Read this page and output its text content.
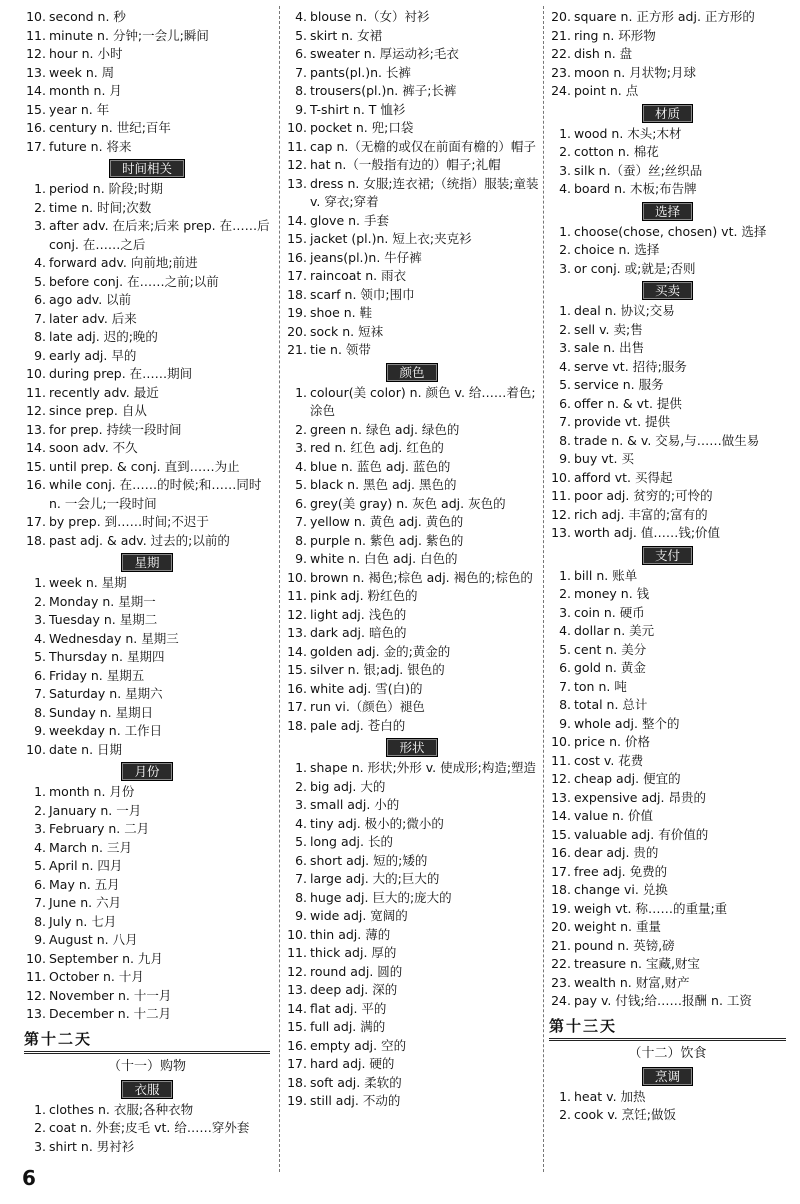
10. second n. 秒
11. minute n. 分钟;一会儿;瞬间
12. hour n. 小时
13. week n. 周
14. month n. 月
15. year n. 年
16. century n. 世纪;百年
17. future n. 将来
时间相关
1. period n. 阶段;时期
2. time n. 时间;次数
3. after adv. 在后来;后来 prep. 在……后 conj. 在……之后
4. forward adv. 向前地;前进
5. before conj. 在……之前;以前
6. ago adv. 以前
7. later adv. 后来
8. late adj. 迟的;晚的
9. early adj. 早的
10. during prep. 在……期间
11. recently adv. 最近
12. since prep. 自从
13. for prep. 持续一段时间
14. soon adv. 不久
15. until prep. & conj. 直到……为止
16. while conj. 在……的时候;和……同时 n. 一会儿;一段时间
17. by prep. 到……时间;不迟于
18. past adj. & adv. 过去的;以前的
星期
1. week n. 星期
2. Monday n. 星期一
3. Tuesday n. 星期二
4. Wednesday n. 星期三
5. Thursday n. 星期四
6. Friday n. 星期五
7. Saturday n. 星期六
8. Sunday n. 星期日
9. weekday n. 工作日
10. date n. 日期
月份
1. month n. 月份
2. January n. 一月
3. February n. 二月
4. March n. 三月
5. April n. 四月
6. May n. 五月
7. June n. 六月
8. July n. 七月
9. August n. 八月
10. September n. 九月
11. October n. 十月
12. November n. 十一月
13. December n. 十二月
第十二天
（十一）购物
衣服
1. clothes n. 衣服;各种衣物
2. coat n. 外套;皮毛 vt. 给……穿外套
3. shirt n. 男衬衫
4. blouse n.（女）衬衫
5. skirt n. 女裙
6. sweater n. 厚运动衫;毛衣
7. pants(pl.)n. 长裤
8. trousers(pl.)n. 裤子;长裤
9. T-shirt n. T 恤衫
10. pocket n. 兜;口袋
11. cap n.（无檐的或仅在前面有檐的）帽子
12. hat n.（一般指有边的）帽子;礼帽
13. dress n. 女服;连衣裙;（统指）服装;童装 v. 穿衣;穿着
14. glove n. 手套
15. jacket (pl.)n. 短上衣;夹克衫
16. jeans(pl.)n. 牛仔裤
17. raincoat n. 雨衣
18. scarf n. 领巾;围巾
19. shoe n. 鞋
20. sock n. 短袜
21. tie n. 领带
颜色
1. colour(美 color) n. 颜色 v. 给……着色;涂色
2. green n. 绿色 adj. 绿色的
3. red n. 红色 adj. 红色的
4. blue n. 蓝色 adj. 蓝色的
5. black n. 黑色 adj. 黑色的
6. grey(美 gray) n. 灰色 adj. 灰色的
7. yellow n. 黄色 adj. 黄色的
8. purple n. 紫色 adj. 紫色的
9. white n. 白色 adj. 白色的
10. brown n. 褐色;棕色 adj. 褐色的;棕色的
11. pink adj. 粉红色的
12. light adj. 浅色的
13. dark adj. 暗色的
14. golden adj. 金的;黄金的
15. silver n. 银;adj. 银色的
16. white adj. 雪(白)的
17. run vi.（颜色）褪色
18. pale adj. 苍白的
形状
1. shape n. 形状;外形 v. 使成形;构造;塑造
2. big adj. 大的
3. small adj. 小的
4. tiny adj. 极小的;微小的
5. long adj. 长的
6. short adj. 短的;矮的
7. large adj. 大的;巨大的
8. huge adj. 巨大的;庞大的
9. wide adj. 宽阔的
10. thin adj. 薄的
11. thick adj. 厚的
12. round adj. 圆的
13. deep adj. 深的
14. flat adj. 平的
15. full adj. 满的
16. empty adj. 空的
17. hard adj. 硬的
18. soft adj. 柔软的
19. still adj. 不动的
20. square n. 正方形 adj. 正方形的
21. ring n. 环形物
22. dish n. 盘
23. moon n. 月状物;月球
24. point n. 点
材质
1. wood n. 木头;木材
2. cotton n. 棉花
3. silk n.（蚕）丝;丝织品
4. board n. 木板;布告牌
选择
1. choose(chose, chosen) vt. 选择
2. choice n. 选择
3. or conj. 或;就是;否则
买卖
1. deal n. 协议;交易
2. sell v. 卖;售
3. sale n. 出售
4. serve vt. 招待;服务
5. service n. 服务
6. offer n. & vt. 提供
7. provide vt. 提供
8. trade n. & v. 交易,与……做生易
9. buy vt. 买
10. afford vt. 买得起
11. poor adj. 贫穷的;可怜的
12. rich adj. 丰富的;富有的
13. worth adj. 值……钱;价值
支付
1. bill n. 账单
2. money n. 钱
3. coin n. 硬币
4. dollar n. 美元
5. cent n. 美分
6. gold n. 黄金
7. ton n. 吨
8. total n. 总计
9. whole adj. 整个的
10. price n. 价格
11. cost v. 花费
12. cheap adj. 便宜的
13. expensive adj. 昂贵的
14. value n. 价值
15. valuable adj. 有价值的
16. dear adj. 贵的
17. free adj. 免费的
18. change vi. 兑换
19. weigh vt. 称……的重量;重
20. weight n. 重量
21. pound n. 英镑,磅
22. treasure n. 宝藏,财宝
23. wealth n. 财富,财产
24. pay v. 付钱;给……报酬 n. 工资
第十三天
（十二）饮食
烹调
1. heat v. 加热
2. cook v. 烹饪;做饭
6
